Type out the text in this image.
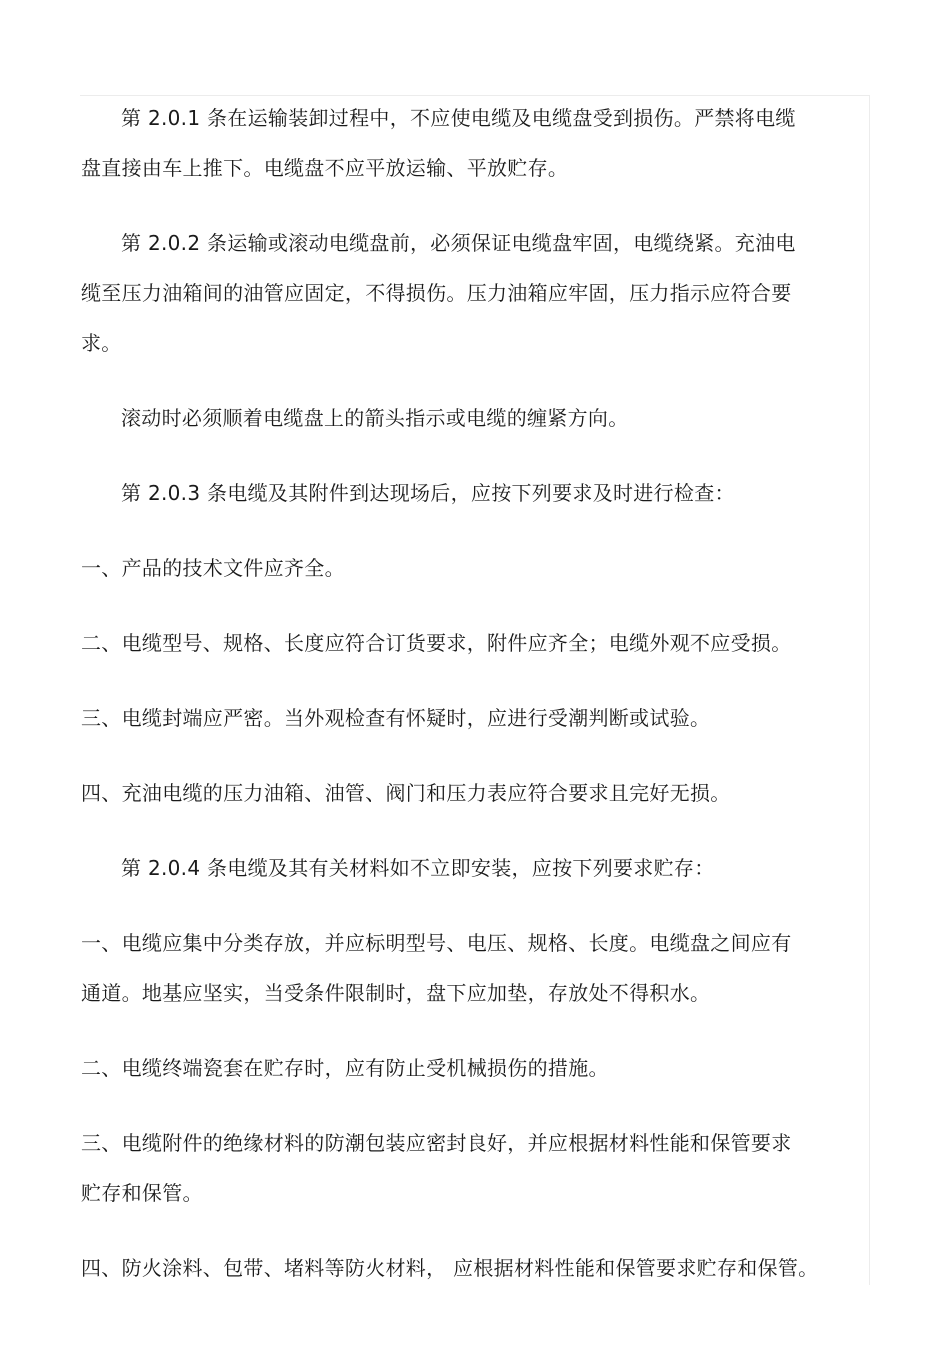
第 2.0.1 条在运输装卸过程中，不应使电缆及电缆盘受到损伤。严禁将电缆
盘直接由车上推下。电缆盘不应平放运输、平放贮存。
第 2.0.2 条运输或滚动电缆盘前，必须保证电缆盘牢固，电缆绕紧。充油电
缆至压力油箱间的油管应固定，不得损伤。压力油箱应牢固，压力指示应符合要
求。
滚动时必须顺着电缆盘上的箭头指示或电缆的缠紧方向。
第 2.0.3 条电缆及其附件到达现场后，应按下列要求及时进行检查：
一、产品的技术文件应齐全。
二、电缆型号、规格、长度应符合订货要求，附件应齐全；电缆外观不应受损。
三、电缆封端应严密。当外观检查有怀疑时，应进行受潮判断或试验。
四、充油电缆的压力油箱、油管、阀门和压力表应符合要求且完好无损。
第 2.0.4 条电缆及其有关材料如不立即安装，应按下列要求贮存：
一、电缆应集中分类存放，并应标明型号、电压、规格、长度。电缆盘之间应有
通道。地基应坚实，当受条件限制时，盘下应加垫，存放处不得积水。
二、电缆终端瓷套在贮存时，应有防止受机械损伤的措施。
三、电缆附件的绝缘材料的防潮包装应密封良好，并应根据材料性能和保管要求
贮存和保管。
四、防火涂料、包带、堵料等防火材料， 应根据材料性能和保管要求贮存和保管。
